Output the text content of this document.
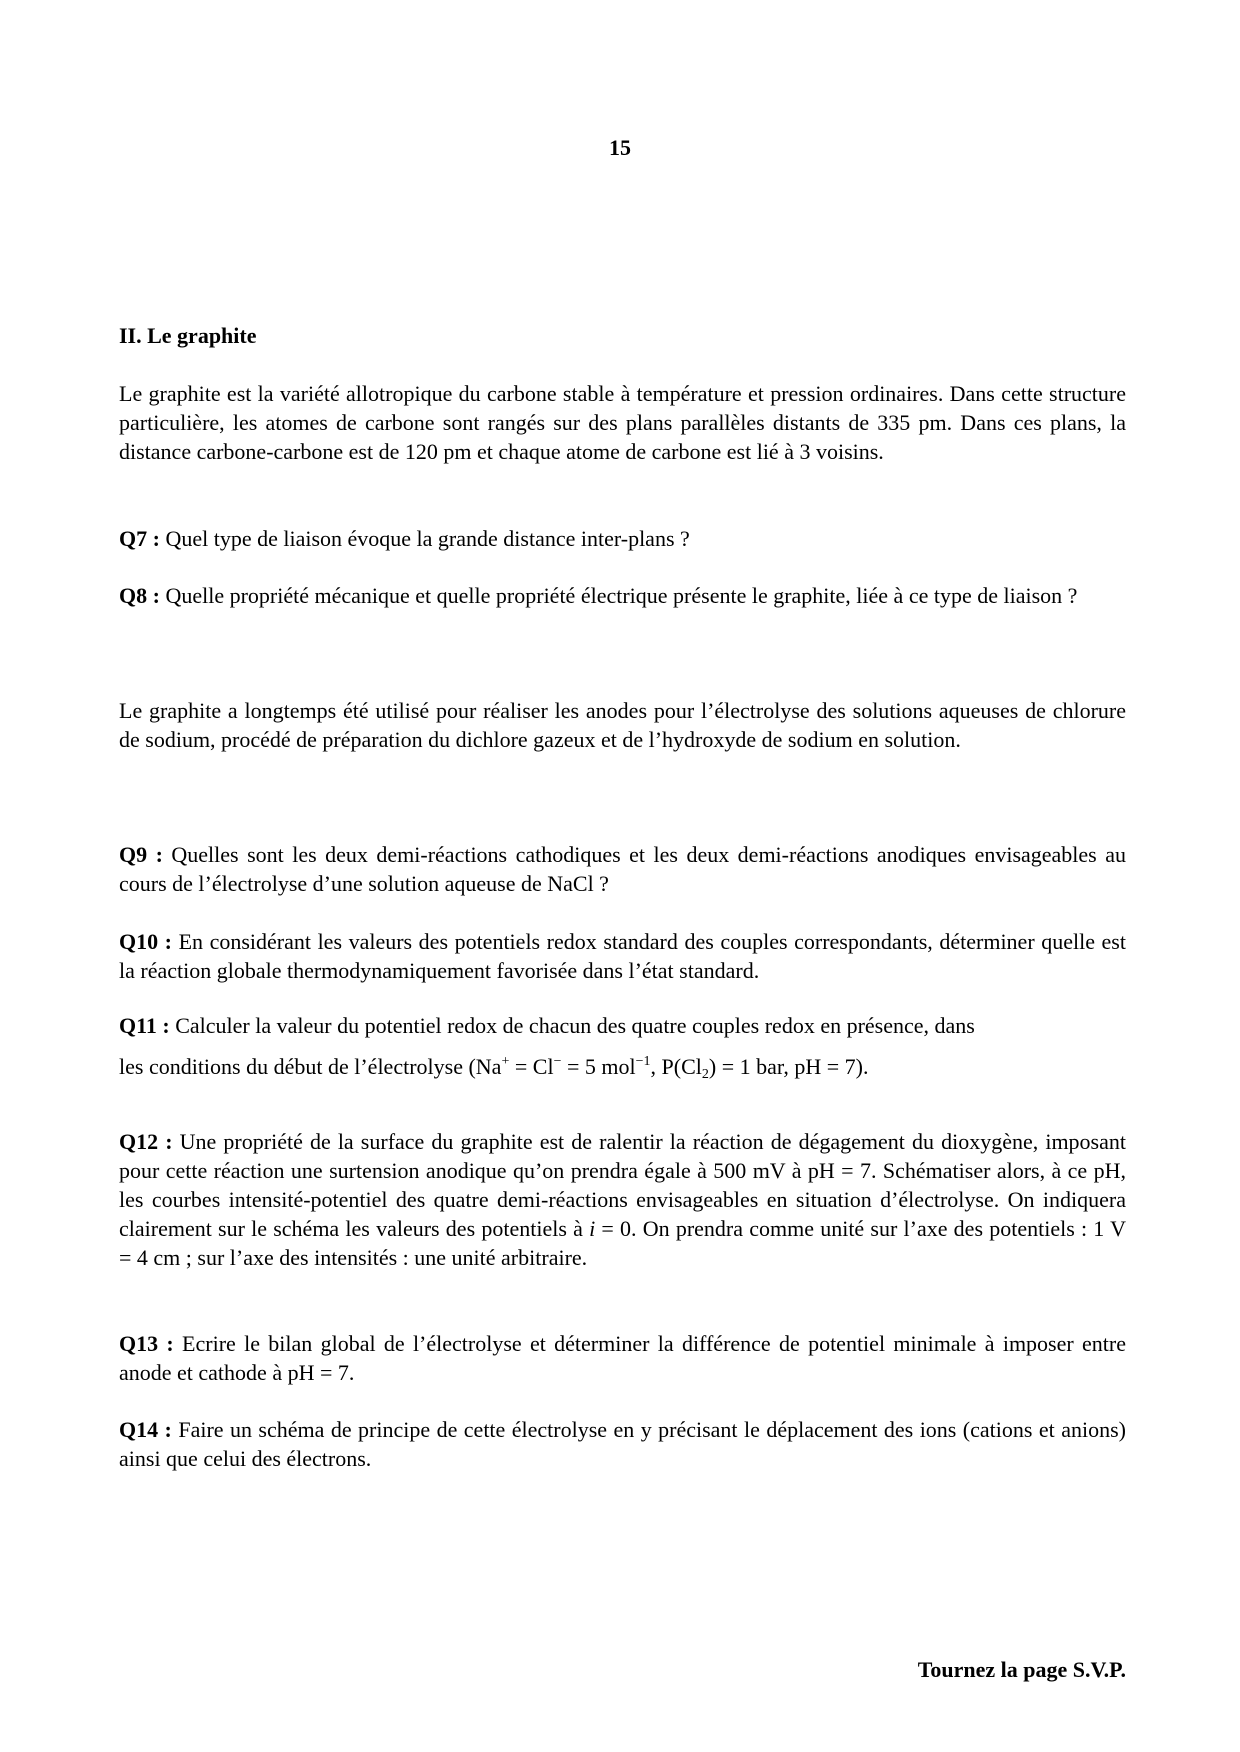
15
II. Le graphite

Le graphite est la variété allotropique du carbone stable à température et pression ordinaires. Dans cette structure particulière, les atomes de carbone sont rangés sur des plans parallèles distants de 335 pm. Dans ces plans, la distance carbone-carbone est de 120 pm et chaque atome de carbone est lié à 3 voisins.

Q7 : Quel type de liaison évoque la grande distance inter-plans ?

Q8 : Quelle propriété mécanique et quelle propriété électrique présente le graphite, liée à ce type de liaison ?

Le graphite a longtemps été utilisé pour réaliser les anodes pour l’électrolyse des solutions aqueuses de chlorure de sodium, procédé de préparation du dichlore gazeux et de l’hydroxyde de sodium en solution.

Q9 : Quelles sont les deux demi-réactions cathodiques et les deux demi-réactions anodiques envisageables au cours de l’électrolyse d’une solution aqueuse de NaCl ?

Q10 : En considérant les valeurs des potentiels redox standard des couples correspondants, déterminer quelle est la réaction globale thermodynamiquement favorisée dans l’état standard.

Q11 : Calculer la valeur du potentiel redox de chacun des quatre couples redox en présence, dans
les conditions du début de l’électrolyse (Na+ = Cl− = 5 mol$^{-1}$, $P(Cl_2) = 1$ bar, pH = 7).

Q12 : Une propriété de la surface du graphite est de ralentir la réaction de dégagement du dioxygène, imposant pour cette réaction une surtension anodique qu’on prendra égale à 500 mV à pH = 7. Schématiser alors, à ce pH, les courbes intensité-potentiel des quatre demi-réactions envisageables en situation d’électrolyse. On indiquera clairement sur le schéma les valeurs des potentiels à i = 0. On prendra comme unité sur l’axe des potentiels : 1 V = 4 cm ; sur l’axe des intensités : une unité arbitraire.

Q13 : Ecrire le bilan global de l’électrolyse et déterminer la différence de potentiel minimale à imposer entre anode et cathode à pH = 7.

Q14 : Faire un schéma de principe de cette électrolyse en y précisant le déplacement des ions (cations et anions) ainsi que celui des électrons.

Tournez la page S.V.P.
